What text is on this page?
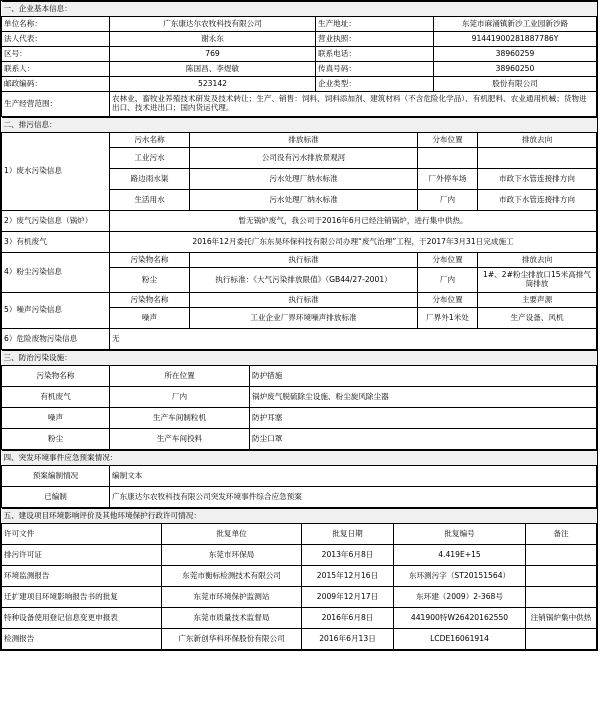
一、企业基本信息：			
单位名称：	广东康达尔农牧科技有限公司	生产地址：	东莞市麻涌镇新沙工业园新沙路
法人代表：	谢永东	营业执照：	91441900281887786Y
区号：	769	联系电话：	38960259
联系人：	陈国昌、李煜敏	传真号码：	38960250
邮政编码：	523142	企业类型：	股份有限公司
生产经营范围：	农林业、畜牧业养殖技术研发及技术转让；生产、销售：饲料、饲料添加剂、建筑材料（不含危险化学品）、有机肥料、农业通用机械；货物进出口、技术进出口；国内货运代理。		
二、排污信息：				
1）废水污染信息	污水名称	排放标准	分布位置	排放去向
	工业污水	公司没有污水排放景观河		
	路边雨水渠	污水处理厂纳水标准	厂外停车场	市政下水管连接排方向
	生活用水	污水处理厂纳水标准	厂内	市政下水管连接排方向
2）废气污染信息（锅炉）	暂无锅炉废气，我公司于2016年6月已经注销锅炉，进行集中供热。			
3）有机废气	2016年12月委托广东东昊环保科技有限公司办理“废气治理”工程，于2017年3月31日完成施工			
4）粉尘污染信息	污染物名称	执行标准	分布位置	排放去向
	粉尘	执行标准：《大气污染排放限值》（GB44/27-2001）	厂内	1#、2#粉尘排放口15米高排气筒排放
5）噪声污染信息	污染物名称	执行标准	分布位置	主要声源
	噪声	工业企业厂界环境噪声排放标准	厂界外1米处	生产设备、风机
6）危险废物污染信息	无			
三、防治污染设施：		
污染物名称	所在位置	防护措施
有机废气	厂内	锅炉废气脱硫除尘设施、粉尘旋风除尘器
噪声	生产车间制粒机	防护耳塞
粉尘	生产车间投料	防尘口罩
四、突发环境事件应急预案情况：	
预案编制情况	编制文本
已编制	广东康达尔农牧科技有限公司突发环境事件综合应急预案
五、建设项目环境影响评价及其他环境保护行政许可情况：				
许可文件	批复单位	批复日期	批复编号	备注
排污许可证	东莞市环保局	2013年6月8日	4.419E+15	
环境监测报告	东莞市衡标检测技术有限公司	2015年12月16日	东环测污字（ST20151564）	
迁扩建项目环境影响报告书的批复	东莞市环境保护监测站	2009年12月17日	东环建（2009）2-368号	
特种设备使用登记信息变更申报表	东莞市质量技术监督局	2016年6月8日	441900特W26420162550	注销锅炉集中供热
检测报告	广东新创华科环保股份有限公司	2016年6月13日	LCDE16061914	
